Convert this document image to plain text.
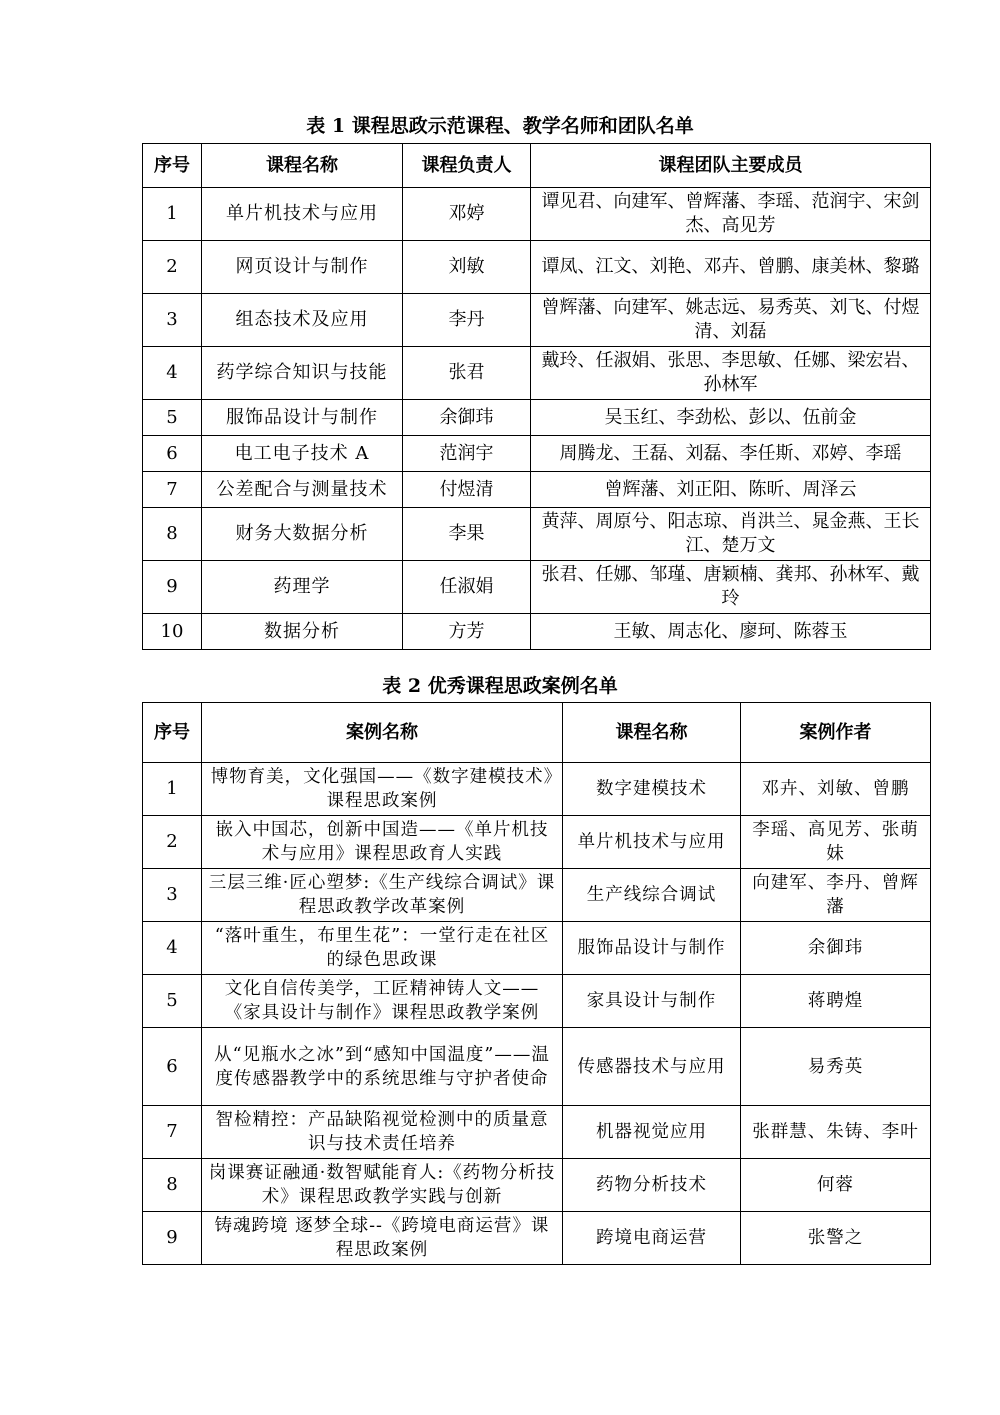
表 1 课程思政示范课程、教学名师和团队名单
序号	课程名称	课程负责人	课程团队主要成员
1	单片机技术与应用	邓婷	谭见君、向建军、曾辉藩、李瑶、范润宇、宋剑杰、高见芳
2	网页设计与制作	刘敏	谭凤、江文、刘艳、邓卉、曾鹏、康美林、黎璐
3	组态技术及应用	李丹	曾辉藩、向建军、姚志远、易秀英、刘飞、付煜清、刘磊
4	药学综合知识与技能	张君	戴玲、任淑娟、张思、李思敏、任娜、梁宏岩、孙林军
5	服饰品设计与制作	余御玮	吴玉红、李劲松、彭以、伍前金
6	电工电子技术 A	范润宇	周腾龙、王磊、刘磊、李任斯、邓婷、李瑶
7	公差配合与测量技术	付煜清	曾辉藩、刘正阳、陈昕、周泽云
8	财务大数据分析	李果	黄萍、周原兮、阳志琼、肖洪兰、晁金燕、王长江、楚万文
9	药理学	任淑娟	张君、任娜、邹瑾、唐颖楠、龚邦、孙林军、戴玲
10	数据分析	方芳	王敏、周志化、廖珂、陈蓉玉
表 2 优秀课程思政案例名单
序号	案例名称	课程名称	案例作者
1	博物育美，文化强国——《数字建模技术》课程思政案例	数字建模技术	邓卉、刘敏、曾鹏
2	嵌入中国芯，创新中国造——《单片机技术与应用》课程思政育人实践	单片机技术与应用	李瑶、高见芳、张萌妹
3	三层三维·匠心塑梦:《生产线综合调试》课程思政教学改革案例	生产线综合调试	向建军、李丹、曾辉藩
4	“落叶重生，布里生花”：一堂行走在社区的绿色思政课	服饰品设计与制作	余御玮
5	文化自信传美学，工匠精神铸人文——《家具设计与制作》课程思政教学案例	家具设计与制作	蒋聘煌
6	从“见瓶水之冰”到“感知中国温度”——温度传感器教学中的系统思维与守护者使命	传感器技术与应用	易秀英
7	智检精控：产品缺陷视觉检测中的质量意识与技术责任培养	机器视觉应用	张群慧、朱铸、李叶
8	岗课赛证融通·数智赋能育人:《药物分析技术》课程思政教学实践与创新	药物分析技术	何蓉
9	铸魂跨境 逐梦全球--《跨境电商运营》课程思政案例	跨境电商运营	张警之
